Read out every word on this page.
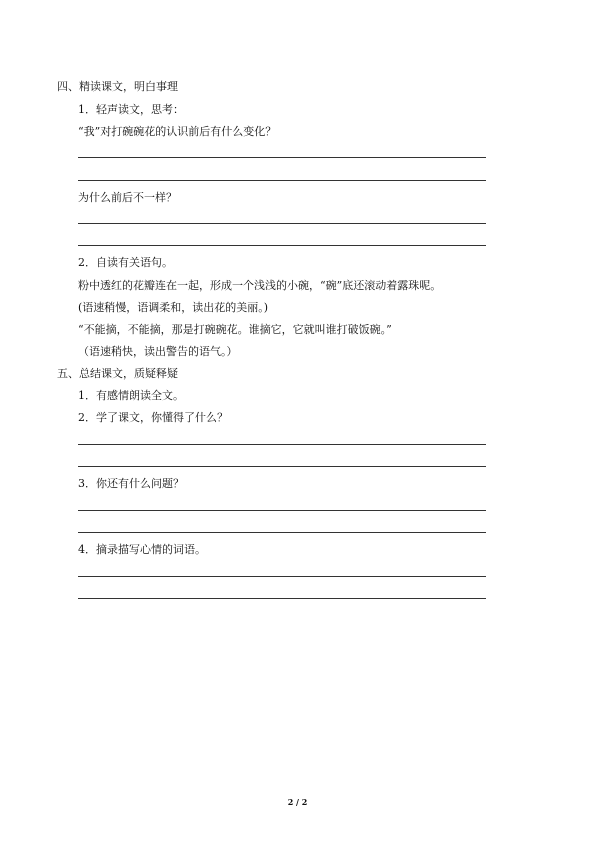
四、精读课文，明白事理

1．轻声读文，思考：

“我”对打碗碗花的认识前后有什么变化？

为什么前后不一样？

2．自读有关语句。

粉中透红的花瓣连在一起，形成一个浅浅的小碗，“碗”底还滚动着露珠呢。

(语速稍慢，语调柔和，读出花的美丽。)

“不能摘，不能摘，那是打碗碗花。谁摘它，它就叫谁打破饭碗。”

（语速稍快，读出警告的语气。）

五、总结课文，质疑释疑

1．有感情朗读全文。

2．学了课文，你懂得了什么？

3．你还有什么问题？

4．摘录描写心情的词语。

2 / 2
